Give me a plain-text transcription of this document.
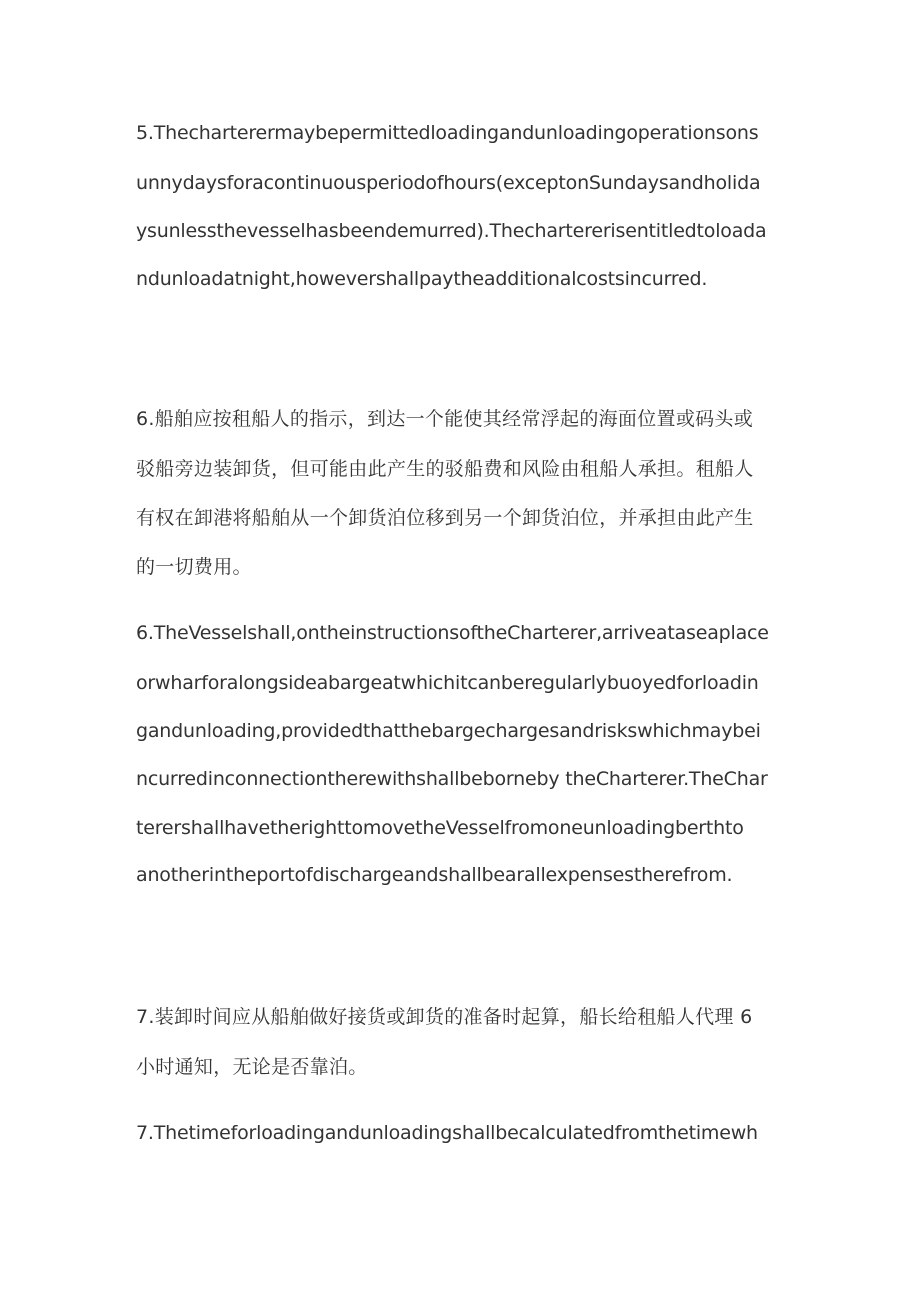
5.Thecharterermaybepermittedloadingandunloadingoperationsons
unnydaysforacontinuousperiodofhours(exceptonSundaysandholida
ysunlessthevesselhasbeendemurred).Thechartererisentitledtoloada
ndunloadatnight,howevershallpaytheadditionalcostsincurred.
6.船舶应按租船人的指示，到达一个能使其经常浮起的海面位置或码头或
驳船旁边装卸货，但可能由此产生的驳船费和风险由租船人承担。租船人
有权在卸港将船舶从一个卸货泊位移到另一个卸货泊位，并承担由此产生
的一切费用。
6.TheVesselshall,ontheinstructionsoftheCharterer,arriveataseaplace
orwharforalongsideabargeatwhichitcanberegularlybuoyedforloadin
gandunloading,providedthatthebargechargesandriskswhichmaybei
ncurredinconnectiontherewithshallbeborneby theCharterer.TheChar
terershallhavetherighttomovetheVesselfromoneunloadingberthto
anotherintheportofdischargeandshallbearallexpensestherefrom.
7.装卸时间应从船舶做好接货或卸货的准备时起算，船长给租船人代理 6
小时通知，无论是否靠泊。
7.Thetimeforloadingandunloadingshallbecalculatedfromthetimewh
